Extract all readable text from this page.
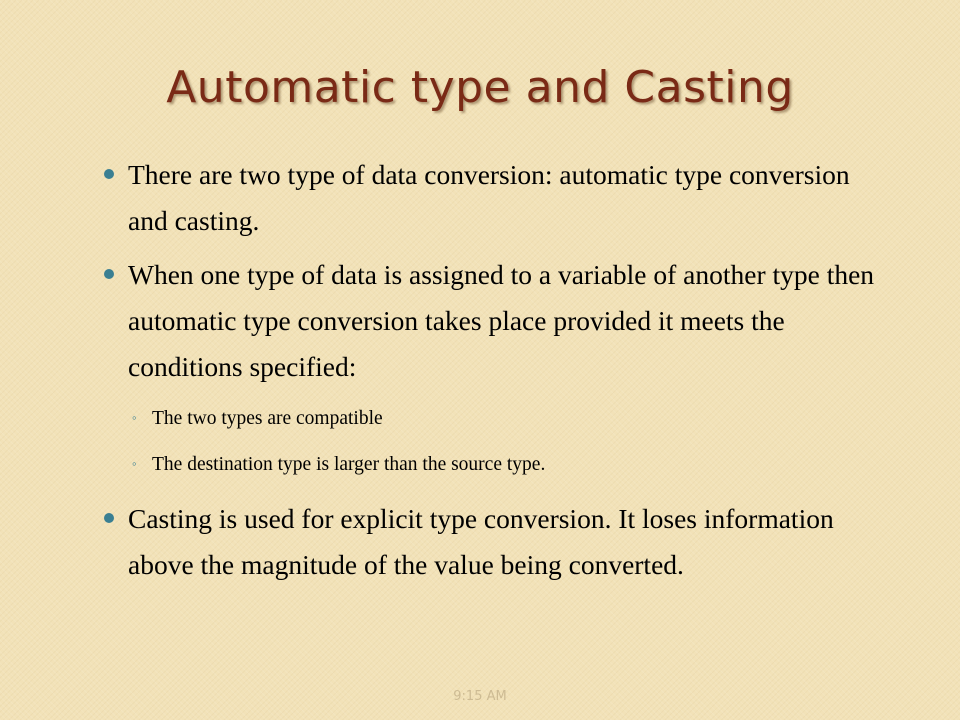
Automatic type and Casting
There are two type of data conversion: automatic type conversion and casting.
When one type of data is assigned to a variable of another type then automatic type conversion takes place provided it meets the conditions specified:
◦ The two types are compatible
◦ The destination type is larger than the source type.
Casting is used for explicit type conversion. It loses information above the magnitude of the value being converted.
9:15 AM
